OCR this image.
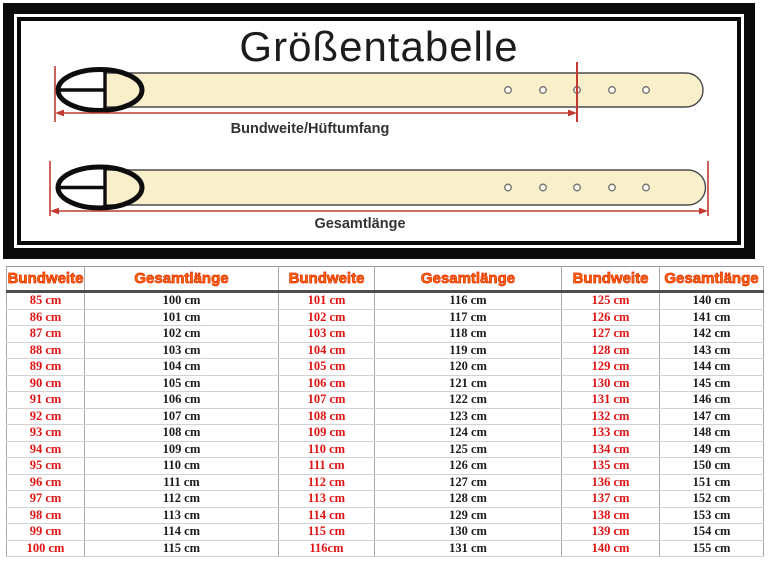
Größentabelle
Bundweite/Hüftumfang
Gesamtlänge
Bundweite	Gesamtlänge	Bundweite	Gesamtlänge	Bundweite	Gesamtlänge
85 cm	100 cm	101 cm	116 cm	125 cm	140 cm
86 cm	101 cm	102 cm	117 cm	126 cm	141 cm
87 cm	102 cm	103 cm	118 cm	127 cm	142 cm
88 cm	103 cm	104 cm	119 cm	128 cm	143 cm
89 cm	104 cm	105 cm	120 cm	129 cm	144 cm
90 cm	105 cm	106 cm	121 cm	130 cm	145 cm
91 cm	106 cm	107 cm	122 cm	131 cm	146 cm
92 cm	107 cm	108 cm	123 cm	132 cm	147 cm
93 cm	108 cm	109 cm	124 cm	133 cm	148 cm
94 cm	109 cm	110 cm	125 cm	134 cm	149 cm
95 cm	110 cm	111 cm	126 cm	135 cm	150 cm
96 cm	111 cm	112 cm	127 cm	136 cm	151 cm
97 cm	112 cm	113 cm	128 cm	137 cm	152 cm
98 cm	113 cm	114 cm	129 cm	138 cm	153 cm
99 cm	114 cm	115 cm	130 cm	139 cm	154 cm
100 cm	115 cm	116cm	131 cm	140 cm	155 cm
